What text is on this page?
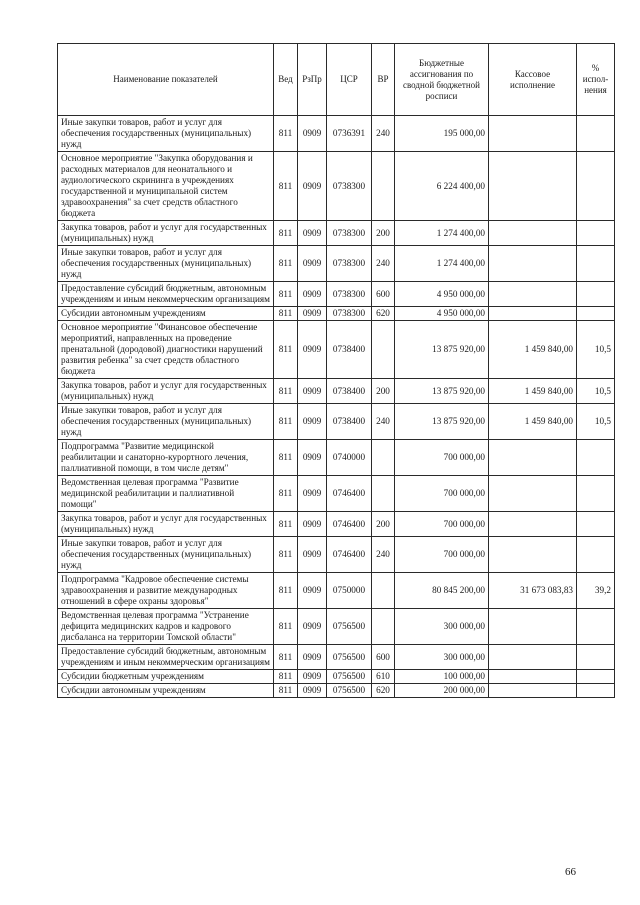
Наименование показателей	Вед	РзПр	ЦСР	ВР	Бюджетные ассигнования по сводной бюджетной росписи	Кассовое исполнение	% испол-нения
Иные закупки товаров, работ и услуг для обеспечения государственных (муниципальных) нужд	811	0909	0736391	240	195 000,00		
Основное мероприятие "Закупка оборудования и расходных материалов для неонатального и аудиологического скрининга в учреждениях государственной и муниципальной систем здравоохранения" за счет средств областного бюджета	811	0909	0738300		6 224 400,00		
Закупка товаров, работ и услуг для государственных (муниципальных) нужд	811	0909	0738300	200	1 274 400,00		
Иные закупки товаров, работ и услуг для обеспечения государственных (муниципальных) нужд	811	0909	0738300	240	1 274 400,00		
Предоставление субсидий бюджетным, автономным учреждениям и иным некоммерческим организациям	811	0909	0738300	600	4 950 000,00		
Субсидии автономным учреждениям	811	0909	0738300	620	4 950 000,00		
Основное мероприятие "Финансовое обеспечение мероприятий, направленных на проведение пренатальной (дородовой) диагностики нарушений развития ребенка" за счет средств областного бюджета	811	0909	0738400		13 875 920,00	1 459 840,00	10,5
Закупка товаров, работ и услуг для государственных (муниципальных) нужд	811	0909	0738400	200	13 875 920,00	1 459 840,00	10,5
Иные закупки товаров, работ и услуг для обеспечения государственных (муниципальных) нужд	811	0909	0738400	240	13 875 920,00	1 459 840,00	10,5
Подпрограмма "Развитие медицинской реабилитации и санаторно-курортного лечения, паллиативной помощи, в том числе детям"	811	0909	0740000		700 000,00		
Ведомственная целевая программа "Развитие медицинской реабилитации и паллиативной помощи"	811	0909	0746400		700 000,00		
Закупка товаров, работ и услуг для государственных (муниципальных) нужд	811	0909	0746400	200	700 000,00		
Иные закупки товаров, работ и услуг для обеспечения государственных (муниципальных) нужд	811	0909	0746400	240	700 000,00		
Подпрограмма "Кадровое обеспечение системы здравоохранения и развитие международных отношений в сфере охраны здоровья"	811	0909	0750000		80 845 200,00	31 673 083,83	39,2
Ведомственная целевая программа "Устранение дефицита медицинских кадров и кадрового дисбаланса на территории Томской области"	811	0909	0756500		300 000,00		
Предоставление субсидий бюджетным, автономным учреждениям и иным некоммерческим организациям	811	0909	0756500	600	300 000,00		
Субсидии бюджетным учреждениям	811	0909	0756500	610	100 000,00		
Субсидии автономным учреждениям	811	0909	0756500	620	200 000,00		
66
